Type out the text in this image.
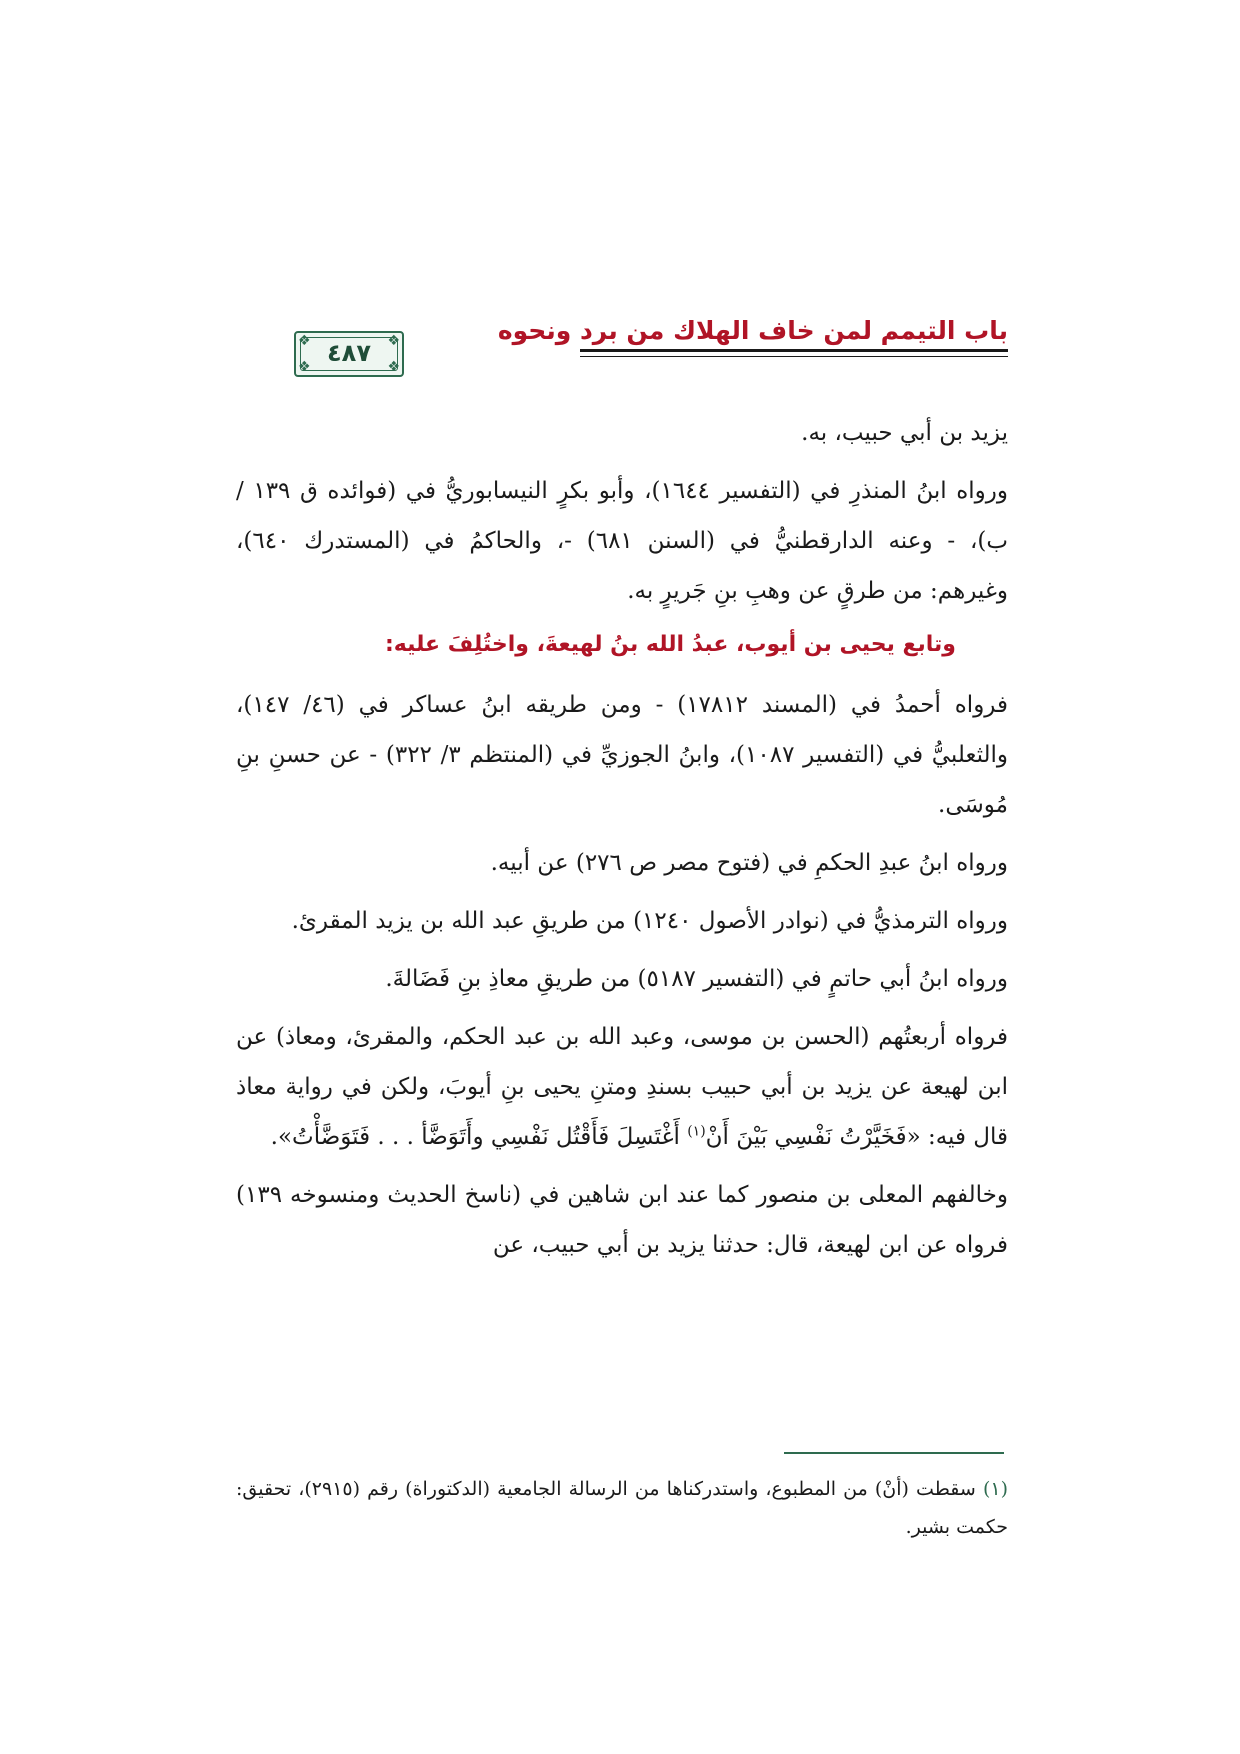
باب التيمم لمن خاف الهلاك من برد ونحوه
❖	❖
❖	❖
٤٨٧

يزيد بن أبي حبيب، به.

ورواه ابنُ المنذرِ في (التفسير ١٦٤٤)، وأبو بكرٍ النيسابوريُّ في (فوائده ق ١٣٩ / ب)، - وعنه الدارقطنيُّ في (السنن ٦٨١) -، والحاكمُ في (المستدرك ٦٤٠)، وغيرهم: من طرقٍ عن وهبِ بنِ جَريرٍ به.

وتابع يحيى بن أيوب، عبدُ الله بنُ لهيعةَ، واختُلِفَ عليه:

فرواه أحمدُ في (المسند ١٧٨١٢) - ومن طريقه ابنُ عساكر في (٤٦/ ١٤٧)، والثعلبيُّ في (التفسير ١٠٨٧)، وابنُ الجوزيِّ في (المنتظم ٣/ ٣٢٢) - عن حسنِ بنِ مُوسَى.

ورواه ابنُ عبدِ الحكمِ في (فتوح مصر ص ٢٧٦) عن أبيه.

ورواه الترمذيُّ في (نوادر الأصول ١٢٤٠) من طريقِ عبد الله بن يزيد المقرئ.

ورواه ابنُ أبي حاتمٍ في (التفسير ٥١٨٧) من طريقِ معاذِ بنِ فَضَالةَ.

فرواه أربعتُهم (الحسن بن موسى، وعبد الله بن عبد الحكم، والمقرئ، ومعاذ) عن ابن لهيعة عن يزيد بن أبي حبيب بسندِ ومتنِ يحيى بنِ أيوبَ، ولكن في رواية معاذ قال فيه: «فَخَيَّرْتُ نَفْسِي بَيْنَ أَنْ$^{(١)}$ أَغْتَسِلَ فَأَقْتُل نَفْسِي وأَتَوَضَّأ . . . فَتَوَضَّأْتُ».

وخالفهم المعلى بن منصور كما عند ابن شاهين في (ناسخ الحديث ومنسوخه ١٣٩) فرواه عن ابن لهيعة، قال: حدثنا يزيد بن أبي حبيب، عن

(١) سقطت (أنْ) من المطبوع، واستدركناها من الرسالة الجامعية (الدكتوراة) رقم (٢٩١٥)، تحقيق: حكمت بشير.
